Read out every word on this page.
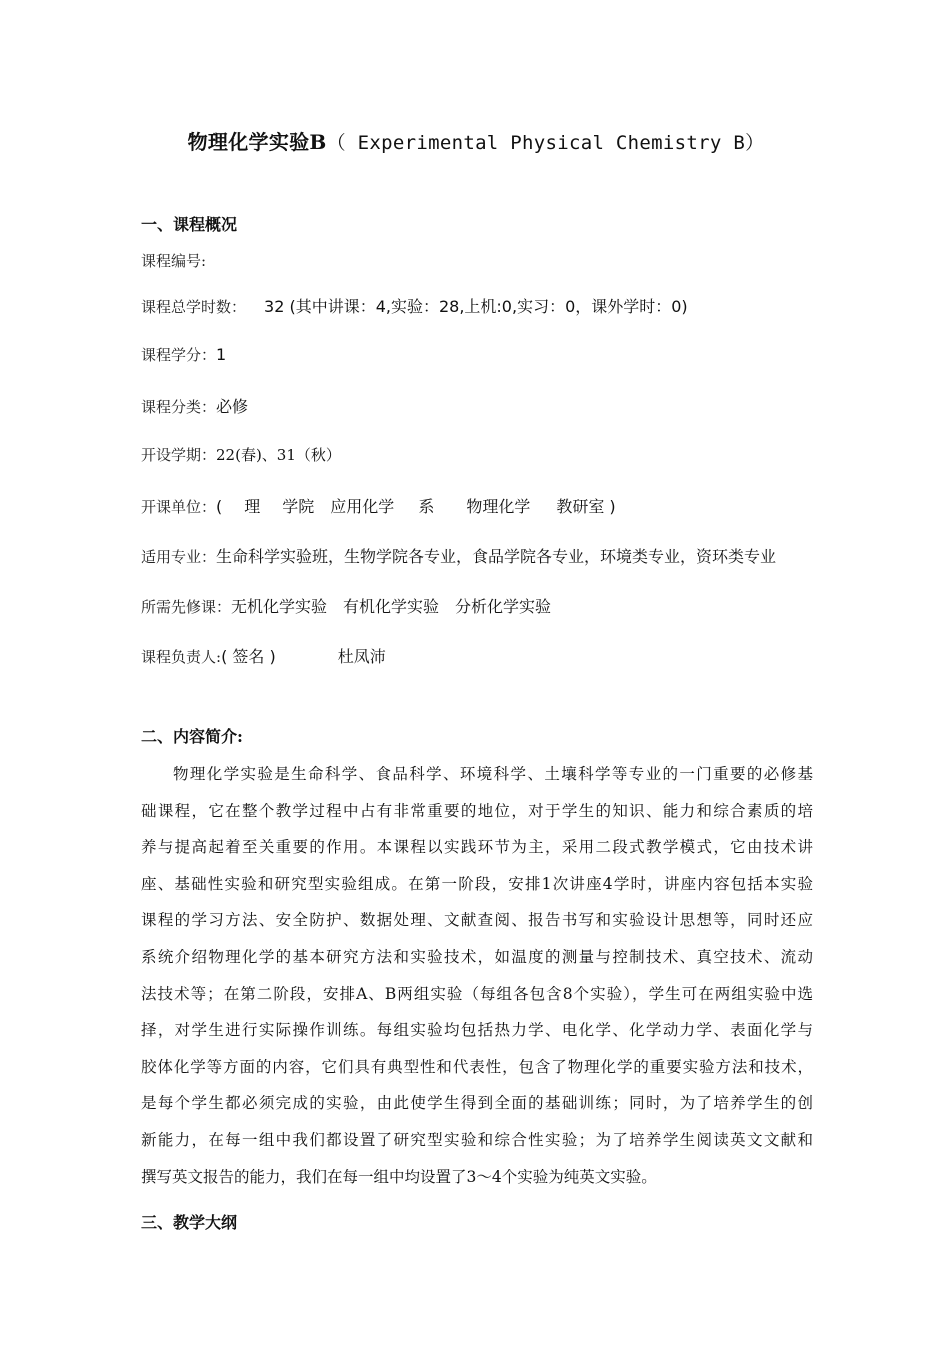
物理化学实验B（ Experimental Physical Chemistry B）
一、课程概况
课程编号:
课程总学时数： 32 (其中讲课：4,实验：28,上机:0,实习：0，课外学时：0)
课程学分：1
课程分类：必修
开设学期：22(春)、31（秋）
开课单位：( 理 学院 应用化学 系 物理化学 教研室 )
适用专业：生命科学实验班，生物学院各专业，食品学院各专业，环境类专业，资环类专业
所需先修课：无机化学实验 有机化学实验 分析化学实验
课程负责人:( 签名 )	杜凤沛
二、内容简介:
物理化学实验是生命科学、食品科学、环境科学、土壤科学等专业的一门重要的必修基
础课程，它在整个教学过程中占有非常重要的地位，对于学生的知识、能力和综合素质的培
养与提高起着至关重要的作用。本课程以实践环节为主，采用二段式教学模式，它由技术讲
座、基础性实验和研究型实验组成。在第一阶段，安排1次讲座4学时，讲座内容包括本实验
课程的学习方法、安全防护、数据处理、文献查阅、报告书写和实验设计思想等，同时还应
系统介绍物理化学的基本研究方法和实验技术，如温度的测量与控制技术、真空技术、流动
法技术等；在第二阶段，安排A、B两组实验（每组各包含8个实验），学生可在两组实验中选
择，对学生进行实际操作训练。每组实验均包括热力学、电化学、化学动力学、表面化学与
胶体化学等方面的内容，它们具有典型性和代表性，包含了物理化学的重要实验方法和技术，
是每个学生都必须完成的实验，由此使学生得到全面的基础训练；同时，为了培养学生的创
新能力，在每一组中我们都设置了研究型实验和综合性实验；为了培养学生阅读英文文献和
撰写英文报告的能力，我们在每一组中均设置了3～4个实验为纯英文实验。
三、教学大纲
